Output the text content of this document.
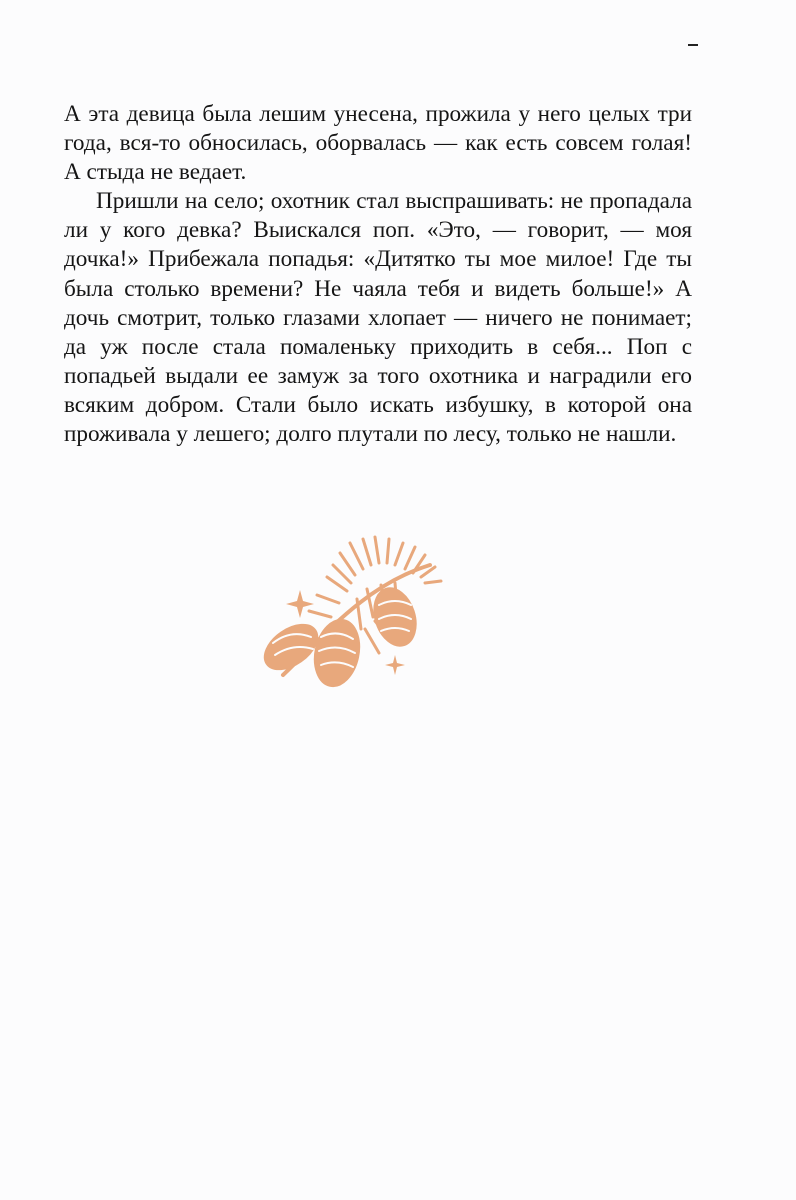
А эта девица была лешим унесена, прожила у него целых три года, вся-то обносилась, оборвалась — как есть совсем голая! А стыда не ведает.

Пришли на село; охотник стал выспрашивать: не пропадала ли у кого девка? Выискался поп. «Это, — говорит, — моя дочка!» Прибежала попадья: «Дитятко ты мое милое! Где ты была столько времени? Не чаяла тебя и видеть больше!» А дочь смотрит, только глазами хлопает — ничего не понимает; да уж после стала помаленьку приходить в себя... Поп с попадьей выдали ее замуж за того охотника и наградили его всяким добром. Стали было искать избушку, в которой она проживала у лешего; долго плутали по лесу, только не нашли.
